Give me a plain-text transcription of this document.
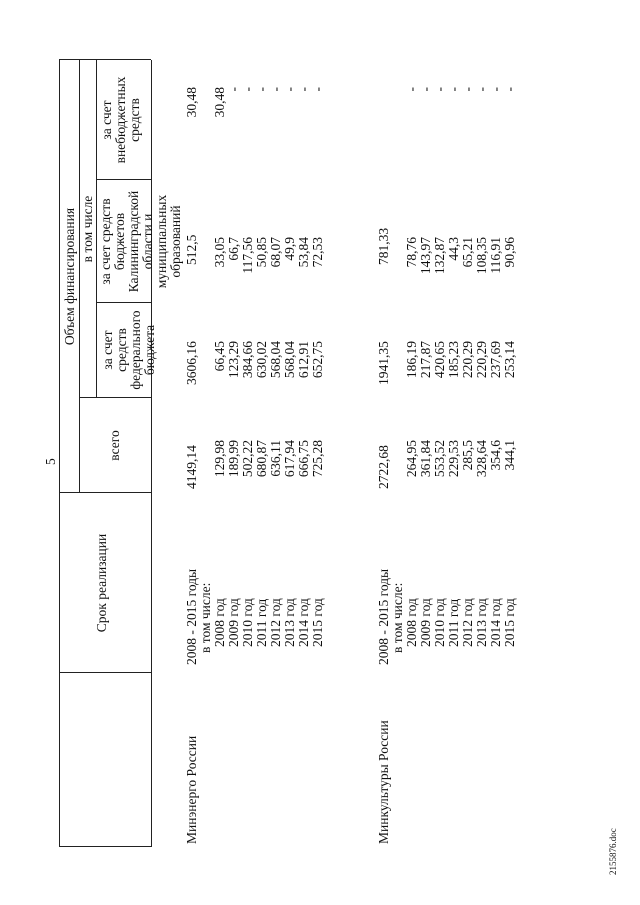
5
Срок реализации
Объем финансирования
всего
в том числе
за счет средств федерального бюджета
за счет средств бюджетов Калининградской области и муниципальных образований
за счет внебюджетных средств
Минэнерго России
2008 - 2015 годы в том числе: 2008 год 2009 год 2010 год 2011 год 2012 год 2013 год 2014 год 2015 год
4149,14
3606,16
512,5
30,48
129,98 189,99 502,22 680,87 636,11 617,94 666,75 725,28
66,45 123,29 384,66 630,02 568,04 568,04 612,91 652,75
33,05 66,7 117,56 50,85 68,07 49,9 53,84 72,53
30,48 - - - - - - -
Минкультуры России
2008 - 2015 годы в том числе: 2008 год 2009 год 2010 год 2011 год 2012 год 2013 год 2014 год 2015 год
2722,68
1941,35
781,33
264,95 361,84 553,52 229,53 285,5 328,64 354,6 344,1
186,19 217,87 420,65 185,23 220,29 220,29 237,69 253,14
78,76 143,97 132,87 44,3 65,21 108,35 116,91 90,96
- - - - - - - -
2155876.doc
